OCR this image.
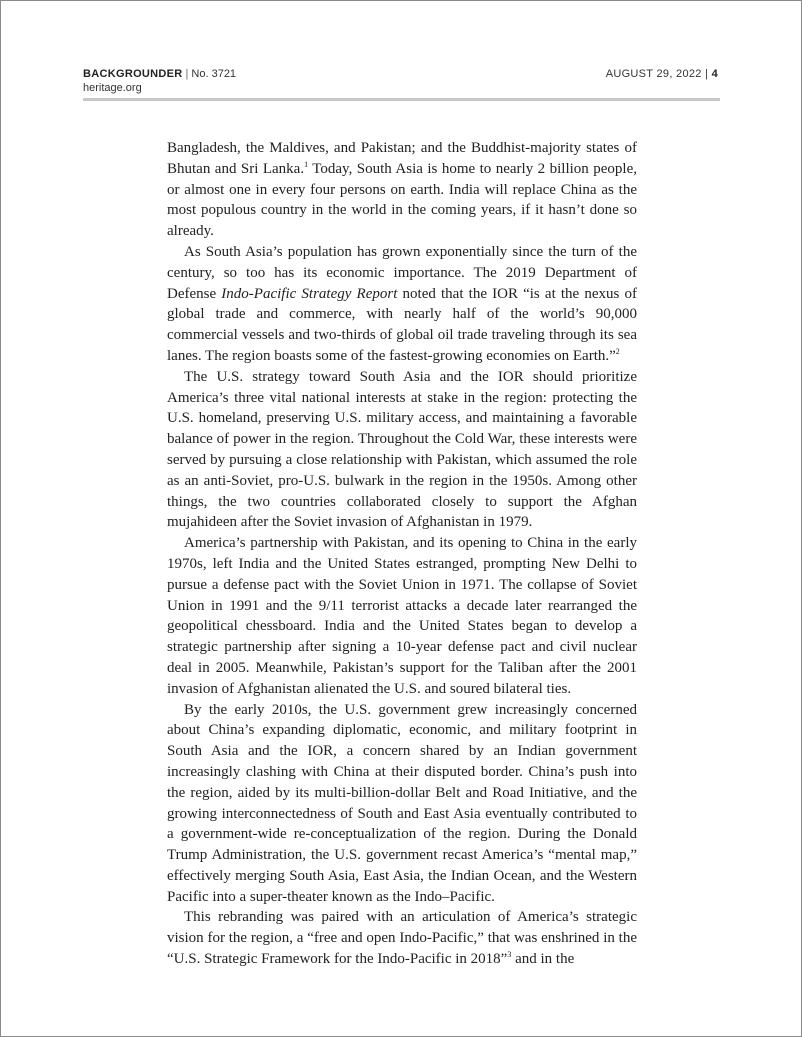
BACKGROUNDER | No. 3721
heritage.org
AUGUST 29, 2022 | 4

Bangladesh, the Maldives, and Pakistan; and the Buddhist-majority states of Bhutan and Sri Lanka.$^1$ Today, South Asia is home to nearly 2 billion people, or almost one in every four persons on earth. India will replace China as the most populous country in the world in the coming years, if it hasn’t done so already.

As South Asia’s population has grown exponentially since the turn of the century, so too has its economic importance. The 2019 Department of Defense Indo-Pacific Strategy Report noted that the IOR “is at the nexus of global trade and commerce, with nearly half of the world’s 90,000 commercial vessels and two-thirds of global oil trade traveling through its sea lanes. The region boasts some of the fastest-growing economies on Earth.”$^2$

The U.S. strategy toward South Asia and the IOR should prioritize America’s three vital national interests at stake in the region: protecting the U.S. homeland, preserving U.S. military access, and maintaining a favorable balance of power in the region. Throughout the Cold War, these interests were served by pursuing a close relationship with Pakistan, which assumed the role as an anti-Soviet, pro-U.S. bulwark in the region in the 1950s. Among other things, the two countries collaborated closely to support the Afghan mujahideen after the Soviet invasion of Afghanistan in 1979.

America’s partnership with Pakistan, and its opening to China in the early 1970s, left India and the United States estranged, prompting New Delhi to pursue a defense pact with the Soviet Union in 1971. The collapse of Soviet Union in 1991 and the 9/11 terrorist attacks a decade later rearranged the geopolitical chessboard. India and the United States began to develop a strategic partnership after signing a 10-year defense pact and civil nuclear deal in 2005. Meanwhile, Pakistan’s support for the Taliban after the 2001 invasion of Afghanistan alienated the U.S. and soured bilateral ties.

By the early 2010s, the U.S. government grew increasingly concerned about China’s expanding diplomatic, economic, and military footprint in South Asia and the IOR, a concern shared by an Indian government increasingly clashing with China at their disputed border. China’s push into the region, aided by its multi-billion-dollar Belt and Road Initiative, and the growing interconnectedness of South and East Asia eventually contributed to a government-wide re-conceptualization of the region. During the Donald Trump Administration, the U.S. government recast America’s “mental map,” effectively merging South Asia, East Asia, the Indian Ocean, and the Western Pacific into a super-theater known as the Indo–Pacific.

This rebranding was paired with an articulation of America’s strategic vision for the region, a “free and open Indo-Pacific,” that was enshrined in the “U.S. Strategic Framework for the Indo-Pacific in 2018”$^3$ and in the
